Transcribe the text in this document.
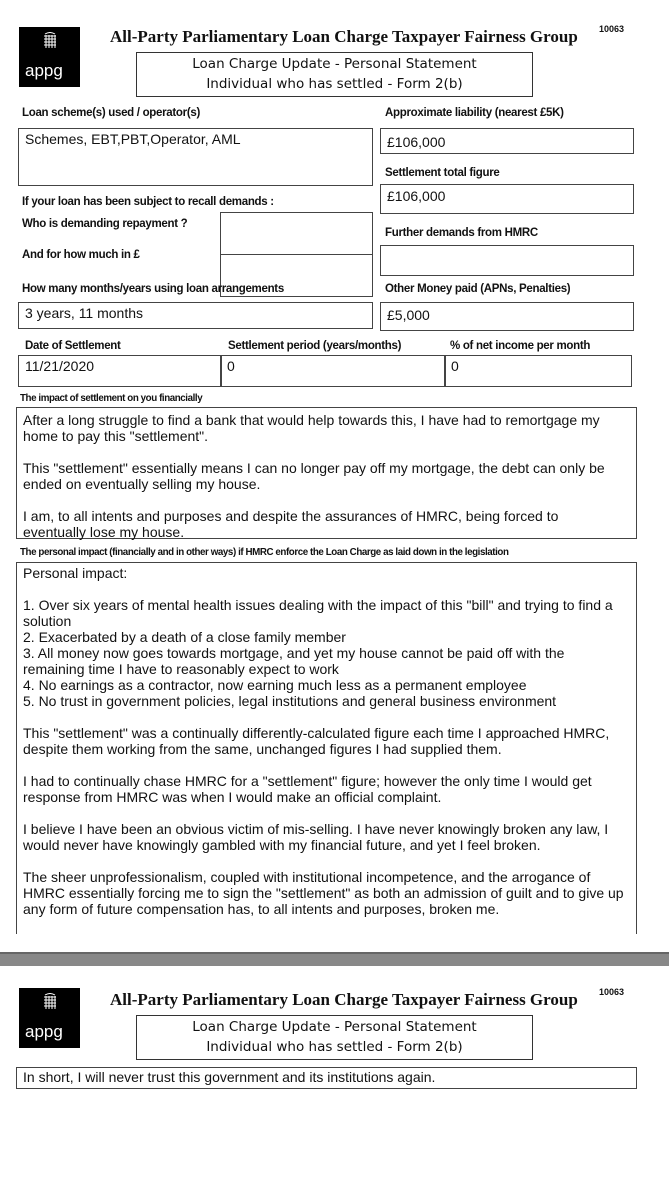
appg
All-Party Parliamentary Loan Charge Taxpayer Fairness Group 10063
Loan Charge Update - Personal Statement
Individual who has settled - Form 2(b)
Loan scheme(s) used / operator(s)
Schemes, EBT,PBT,Operator, AML
Approximate liability (nearest £5K)
£106,000
Settlement total figure
£106,000
If your loan has been subject to recall demands :
Who is demanding repayment ?
And for how much in £
Further demands from HMRC
How many months/years using loan arrangements
3 years, 11 months
Other Money paid (APNs, Penalties)
£5,000
Date of Settlement	Settlement period (years/months)	% of net income per month
11/21/2020	0	0
The impact of settlement on you financially

After a long struggle to find a bank that would help towards this, I have had to remortgage my home to pay this "settlement".

This "settlement" essentially means I can no longer pay off my mortgage, the debt can only be ended on eventually selling my house.

I am, to all intents and purposes and despite the assurances of HMRC, being forced to eventually lose my house.

The personal impact (financially and in other ways) if HMRC enforce the Loan Charge as laid down in the legislation

Personal impact:

1. Over six years of mental health issues dealing with the impact of this "bill" and trying to find a solution
2. Exacerbated by a death of a close family member
3. All money now goes towards mortgage, and yet my house cannot be paid off with the remaining time I have to reasonably expect to work
4. No earnings as a contractor, now earning much less as a permanent employee
5. No trust in government policies, legal institutions and general business environment

This "settlement" was a continually differently-calculated figure each time I approached HMRC, despite them working from the same, unchanged figures I had supplied them.

I had to continually chase HMRC for a "settlement" figure; however the only time I would get response from HMRC was when I would make an official complaint.

I believe I have been an obvious victim of mis-selling. I have never knowingly broken any law, I would never have knowingly gambled with my financial future, and yet I feel broken.

The sheer unprofessionalism, coupled with institutional incompetence, and the arrogance of HMRC essentially forcing me to sign the "settlement" as both an admission of guilt and to give up any form of future compensation has, to all intents and purposes, broken me.

appg
All-Party Parliamentary Loan Charge Taxpayer Fairness Group 10063
Loan Charge Update - Personal Statement
Individual who has settled - Form 2(b)
In short, I will never trust this government and its institutions again.
